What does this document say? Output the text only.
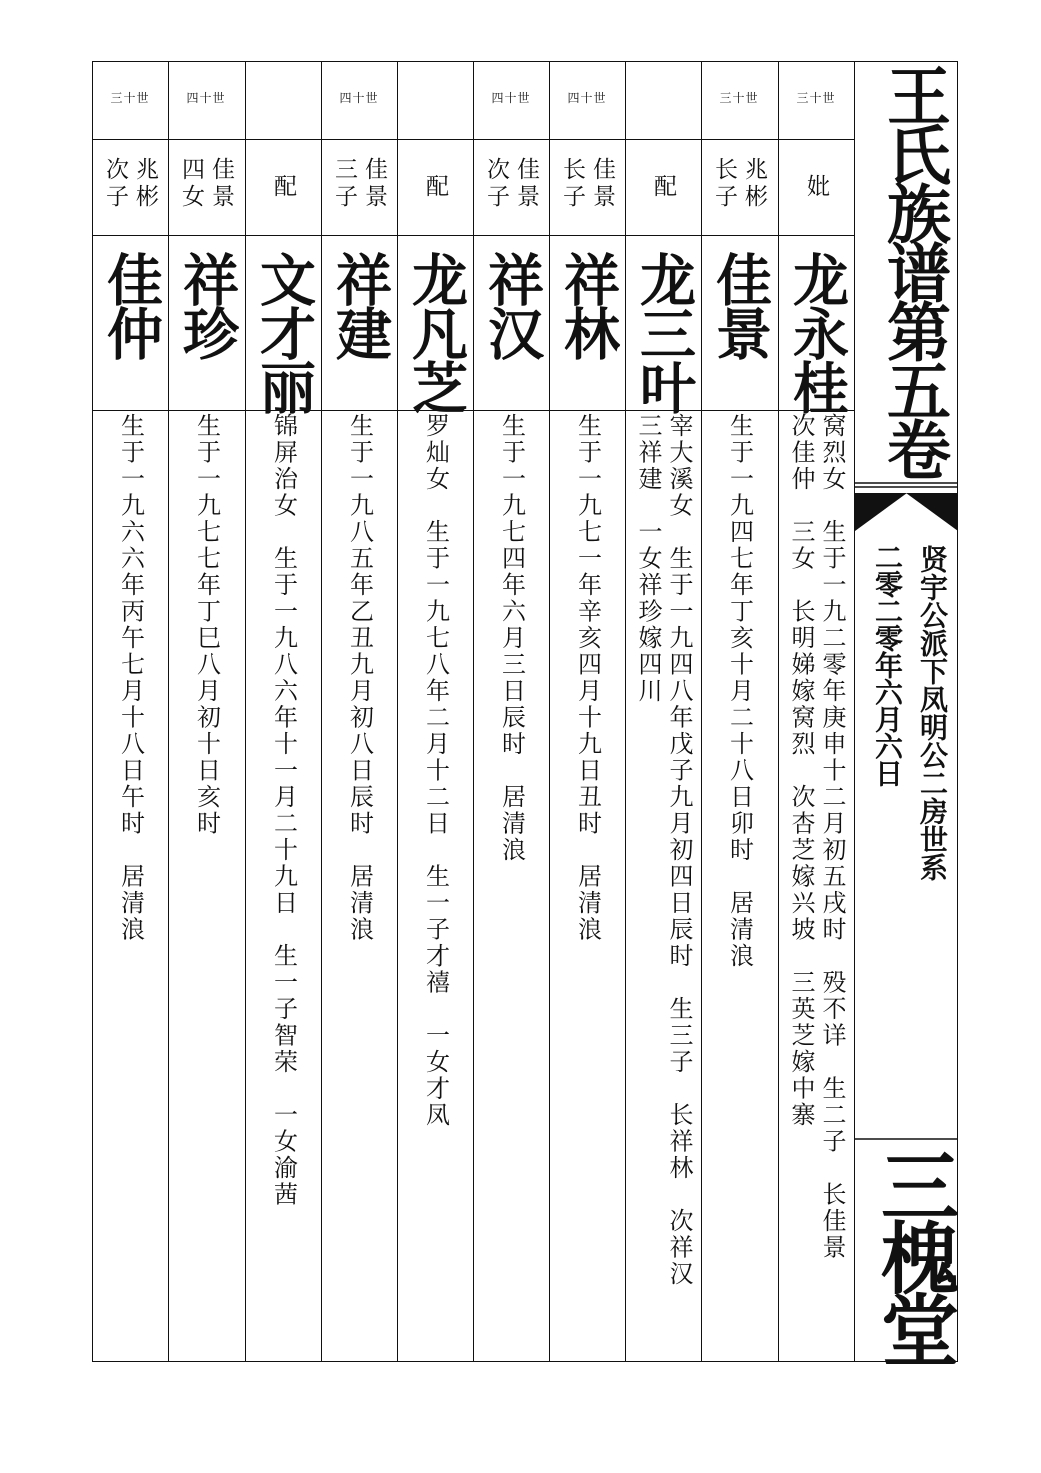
王氏族谱第五卷
贤宇公派下凤明公二房世系
二零二零年六月六日
三槐堂
三十世
妣
龙永桂
窝烈女　生于一九二零年庚申十二月初五戌时　殁不详　生二子　长佳景
次佳仲　三女　长明娣嫁窝烈　次杏芝嫁兴坡　三英芝嫁中寨
三十世
兆彬 长子
佳景
生于一九四七年丁亥十月二十八日卯时　居清浪
配
龙三叶
宰大溪女　生于一九四八年戊子九月初四日辰时　生三子　长祥林　次祥汉
三祥建　一女祥珍嫁四川
四十世
佳景 长子
祥林
生于一九七一年辛亥四月十九日丑时　居清浪
四十世
佳景 次子
祥汉
生于一九七四年六月三日辰时　居清浪
配
龙凡芝
罗灿女　生于一九七八年二月十二日　生一子才禧　一女才凤
四十世
佳景 三子
祥建
生于一九八五年乙丑九月初八日辰时　居清浪
配
文才丽
锦屏治女　生于一九八六年十一月二十九日　生一子智荣　一女渝茜
四十世
佳景 四女
祥珍
生于一九七七年丁巳八月初十日亥时
三十世
兆彬 次子
佳仲
生于一九六六年丙午七月十八日午时　居清浪
